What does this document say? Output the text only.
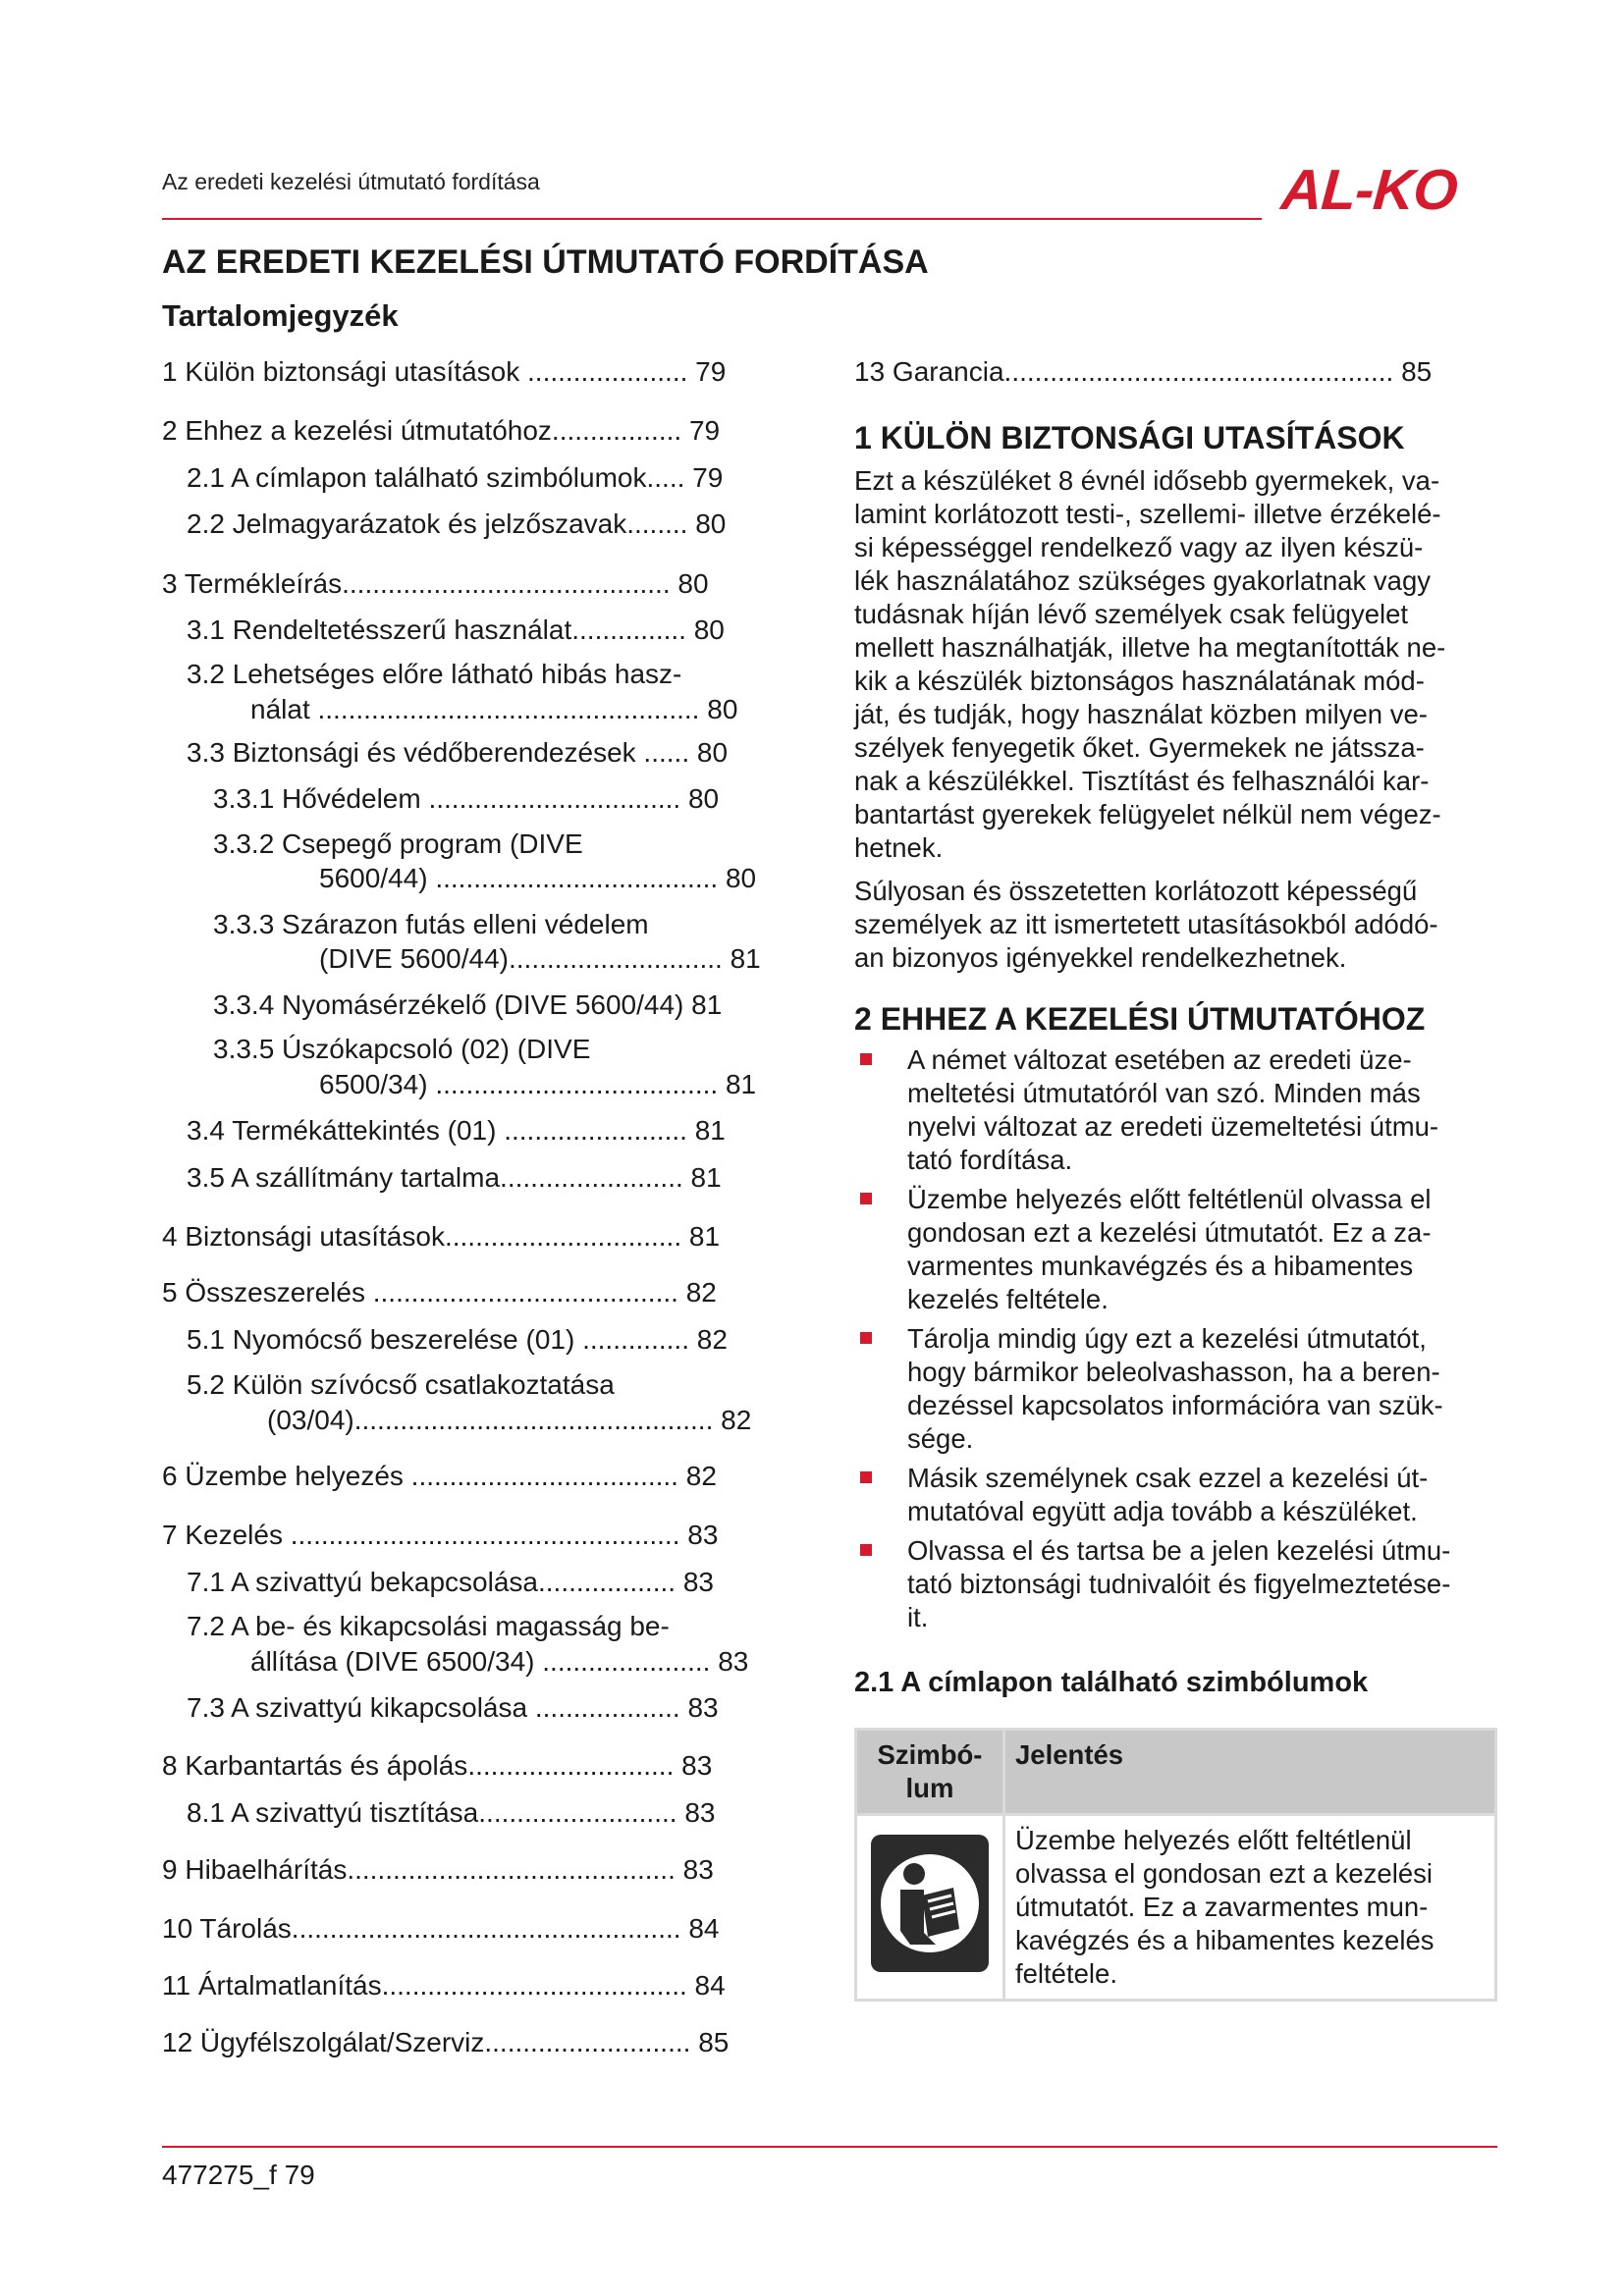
Az eredeti kezelési útmutató fordítása	AL-KO
AZ EREDETI KEZELÉSI ÚTMUTATÓ FORDÍTÁSA
Tartalomjegyzék
1 Külön biztonsági utasítások ..................... 79
2 Ehhez a kezelési útmutatóhoz................. 79
2.1 A címlapon található szimbólumok..... 79
2.2 Jelmagyarázatok és jelzőszavak........ 80
3 Termékleírás........................................... 80
3.1 Rendeltetésszerű használat............... 80
3.2 Lehetséges előre látható hibás hasz-
nálat .................................................. 80
3.3 Biztonsági és védőberendezések ...... 80
3.3.1 Hővédelem ................................. 80
3.3.2 Csepegő program (DIVE
5600/44) ..................................... 80
3.3.3 Szárazon futás elleni védelem
(DIVE 5600/44)............................ 81
3.3.4 Nyomásérzékelő (DIVE 5600/44) 81
3.3.5 Úszókapcsoló (02) (DIVE
6500/34) ..................................... 81
3.4 Termékáttekintés (01) ........................ 81
3.5 A szállítmány tartalma........................ 81
4 Biztonsági utasítások............................... 81
5 Összeszerelés ........................................ 82
5.1 Nyomócső beszerelése (01) .............. 82
5.2 Külön szívócső csatlakoztatása
(03/04)............................................... 82
6 Üzembe helyezés ................................... 82
7 Kezelés ................................................... 83
7.1 A szivattyú bekapcsolása.................. 83
7.2 A be- és kikapcsolási magasság be-
állítása (DIVE 6500/34) ...................... 83
7.3 A szivattyú kikapcsolása ................... 83
8 Karbantartás és ápolás........................... 83
8.1 A szivattyú tisztítása.......................... 83
9 Hibaelhárítás........................................... 83
10 Tárolás................................................... 84
11 Ártalmatlanítás........................................ 84
12 Ügyfélszolgálat/Szerviz........................... 85
13 Garancia................................................... 85
1 KÜLÖN BIZTONSÁGI UTASÍTÁSOK

Ezt a készüléket 8 évnél idősebb gyermekek, va-

lamint korlátozott testi-, szellemi- illetve érzékelé-

si képességgel rendelkező vagy az ilyen készü-

lék használatához szükséges gyakorlatnak vagy

tudásnak híján lévő személyek csak felügyelet

mellett használhatják, illetve ha megtanították ne-

kik a készülék biztonságos használatának mód-

ját, és tudják, hogy használat közben milyen ve-

szélyek fenyegetik őket. Gyermekek ne játssza-

nak a készülékkel. Tisztítást és felhasználói kar-

bantartást gyerekek felügyelet nélkül nem végez-

hetnek.

Súlyosan és összetetten korlátozott képességű

személyek az itt ismertetett utasításokból adódó-

an bizonyos igényekkel rendelkezhetnek.

2 EHHEZ A KEZELÉSI ÚTMUTATÓHOZ
A német változat esetében az eredeti üze-
meltetési útmutatóról van szó. Minden más
nyelvi változat az eredeti üzemeltetési útmu-
tató fordítása.
Üzembe helyezés előtt feltétlenül olvassa el
gondosan ezt a kezelési útmutatót. Ez a za-
varmentes munkavégzés és a hibamentes
kezelés feltétele.
Tárolja mindig úgy ezt a kezelési útmutatót,
hogy bármikor beleolvashasson, ha a beren-
dezéssel kapcsolatos információra van szük-
sége.
Másik személynek csak ezzel a kezelési út-
mutatóval együtt adja tovább a készüléket.
Olvassa el és tartsa be a jelen kezelési útmu-
tató biztonsági tudnivalóit és figyelmeztetése-
it.
2.1 A címlapon található szimbólumok
Szimbó-lum	Jelentés

Üzembe helyezés előtt feltétlenül
olvassa el gondosan ezt a kezelési
útmutatót. Ez a zavarmentes mun-
kavégzés és a hibamentes kezelés
feltétele.
477275_f 79
